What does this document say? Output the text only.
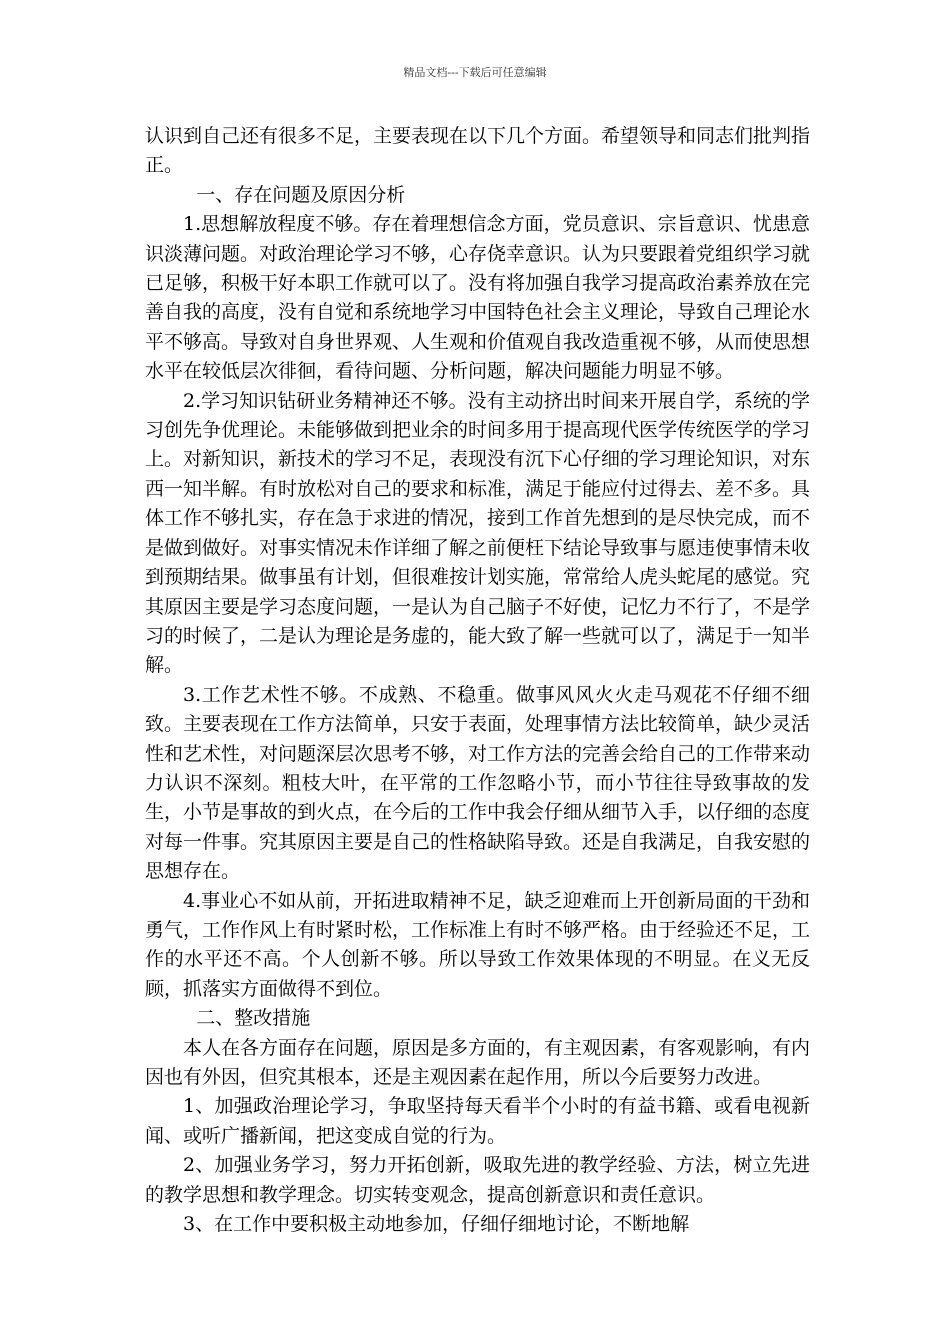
精品文档---下载后可任意编辑

认识到自己还有很多不足，主要表现在以下几个方面。希望领导和同志们批判指正。

一、存在问题及原因分析

1.思想解放程度不够。存在着理想信念方面，党员意识、宗旨意识、忧患意识淡薄问题。对政治理论学习不够，心存侥幸意识。认为只要跟着党组织学习就已足够，积极干好本职工作就可以了。没有将加强自我学习提高政治素养放在完善自我的高度，没有自觉和系统地学习中国特色社会主义理论，导致自己理论水平不够高。导致对自身世界观、人生观和价值观自我改造重视不够，从而使思想水平在较低层次徘徊，看待问题、分析问题，解决问题能力明显不够。

2.学习知识钻研业务精神还不够。没有主动挤出时间来开展自学，系统的学习创先争优理论。未能够做到把业余的时间多用于提高现代医学传统医学的学习上。对新知识，新技术的学习不足，表现没有沉下心仔细的学习理论知识，对东西一知半解。有时放松对自己的要求和标准，满足于能应付过得去、差不多。具体工作不够扎实，存在急于求进的情况，接到工作首先想到的是尽快完成，而不是做到做好。对事实情况未作详细了解之前便枉下结论导致事与愿违使事情未收到预期结果。做事虽有计划，但很难按计划实施，常常给人虎头蛇尾的感觉。究其原因主要是学习态度问题，一是认为自己脑子不好使，记忆力不行了，不是学习的时候了，二是认为理论是务虚的，能大致了解一些就可以了，满足于一知半解。

3.工作艺术性不够。不成熟、不稳重。做事风风火火走马观花不仔细不细致。主要表现在工作方法简单，只安于表面，处理事情方法比较简单，缺少灵活性和艺术性，对问题深层次思考不够，对工作方法的完善会给自己的工作带来动力认识不深刻。粗枝大叶，在平常的工作忽略小节，而小节往往导致事故的发生，小节是事故的到火点，在今后的工作中我会仔细从细节入手，以仔细的态度对每一件事。究其原因主要是自己的性格缺陷导致。还是自我满足，自我安慰的思想存在。

4.事业心不如从前，开拓进取精神不足，缺乏迎难而上开创新局面的干劲和勇气，工作作风上有时紧时松，工作标准上有时不够严格。由于经验还不足，工作的水平还不高。个人创新不够。所以导致工作效果体现的不明显。在义无反顾，抓落实方面做得不到位。

二、整改措施

本人在各方面存在问题，原因是多方面的，有主观因素，有客观影响，有内因也有外因，但究其根本，还是主观因素在起作用，所以今后要努力改进。

1、加强政治理论学习，争取坚持每天看半个小时的有益书籍、或看电视新闻、或听广播新闻，把这变成自觉的行为。

2、加强业务学习，努力开拓创新，吸取先进的教学经验、方法，树立先进的教学思想和教学理念。切实转变观念，提高创新意识和责任意识。

3、在工作中要积极主动地参加，仔细仔细地讨论，不断地解
